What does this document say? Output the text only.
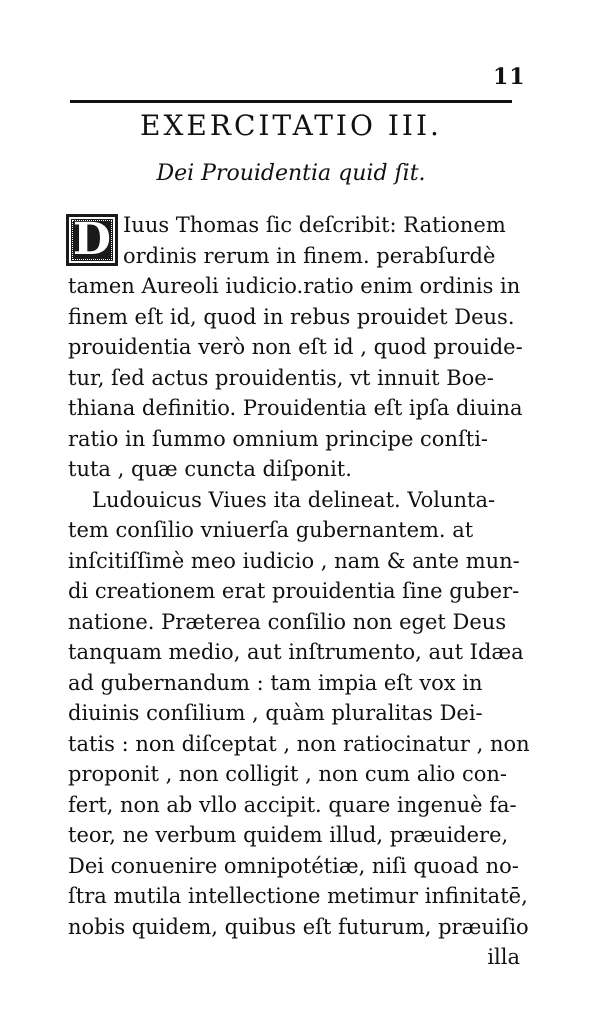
11
EXERCITATIO III.
Dei Prouidentia quid ſit.
D Iuus Thomas ſic deſcribit: Rationem
ordinis rerum in finem. perabſurdè
tamen Aureoli iudicio.ratio enim ordinis in
finem eſt id, quod in rebus prouidet Deus.
prouidentia verò non eſt id , quod prouide-
tur, ſed actus prouidentis, vt innuit Boe-
thiana definitio. Prouidentia eſt ipſa diuina
ratio in ſummo omnium principe conſti-
tuta , quæ cuncta diſponit.
Ludouicus Viues ita delineat. Volunta-
tem conſilio vniuerſa gubernantem. at
inſcitiſſimè meo iudicio , nam & ante mun-
di creationem erat prouidentia ſine guber-
natione. Præterea conſilio non eget Deus
tanquam medio, aut inſtrumento, aut Idæa
ad gubernandum : tam impia eſt vox in
diuinis conſilium , quàm pluralitas Dei-
tatis : non diſceptat , non ratiocinatur , non
proponit , non colligit , non cum alio con-
fert, non ab vllo accipit. quare ingenuè fa-
teor, ne verbum quidem illud, præuidere,
Dei conuenire omnipotétiæ, niſi quoad no-
ſtra mutila intellectione metimur infinitatē,
nobis quidem, quibus eſt futurum, præuiſio
illa
